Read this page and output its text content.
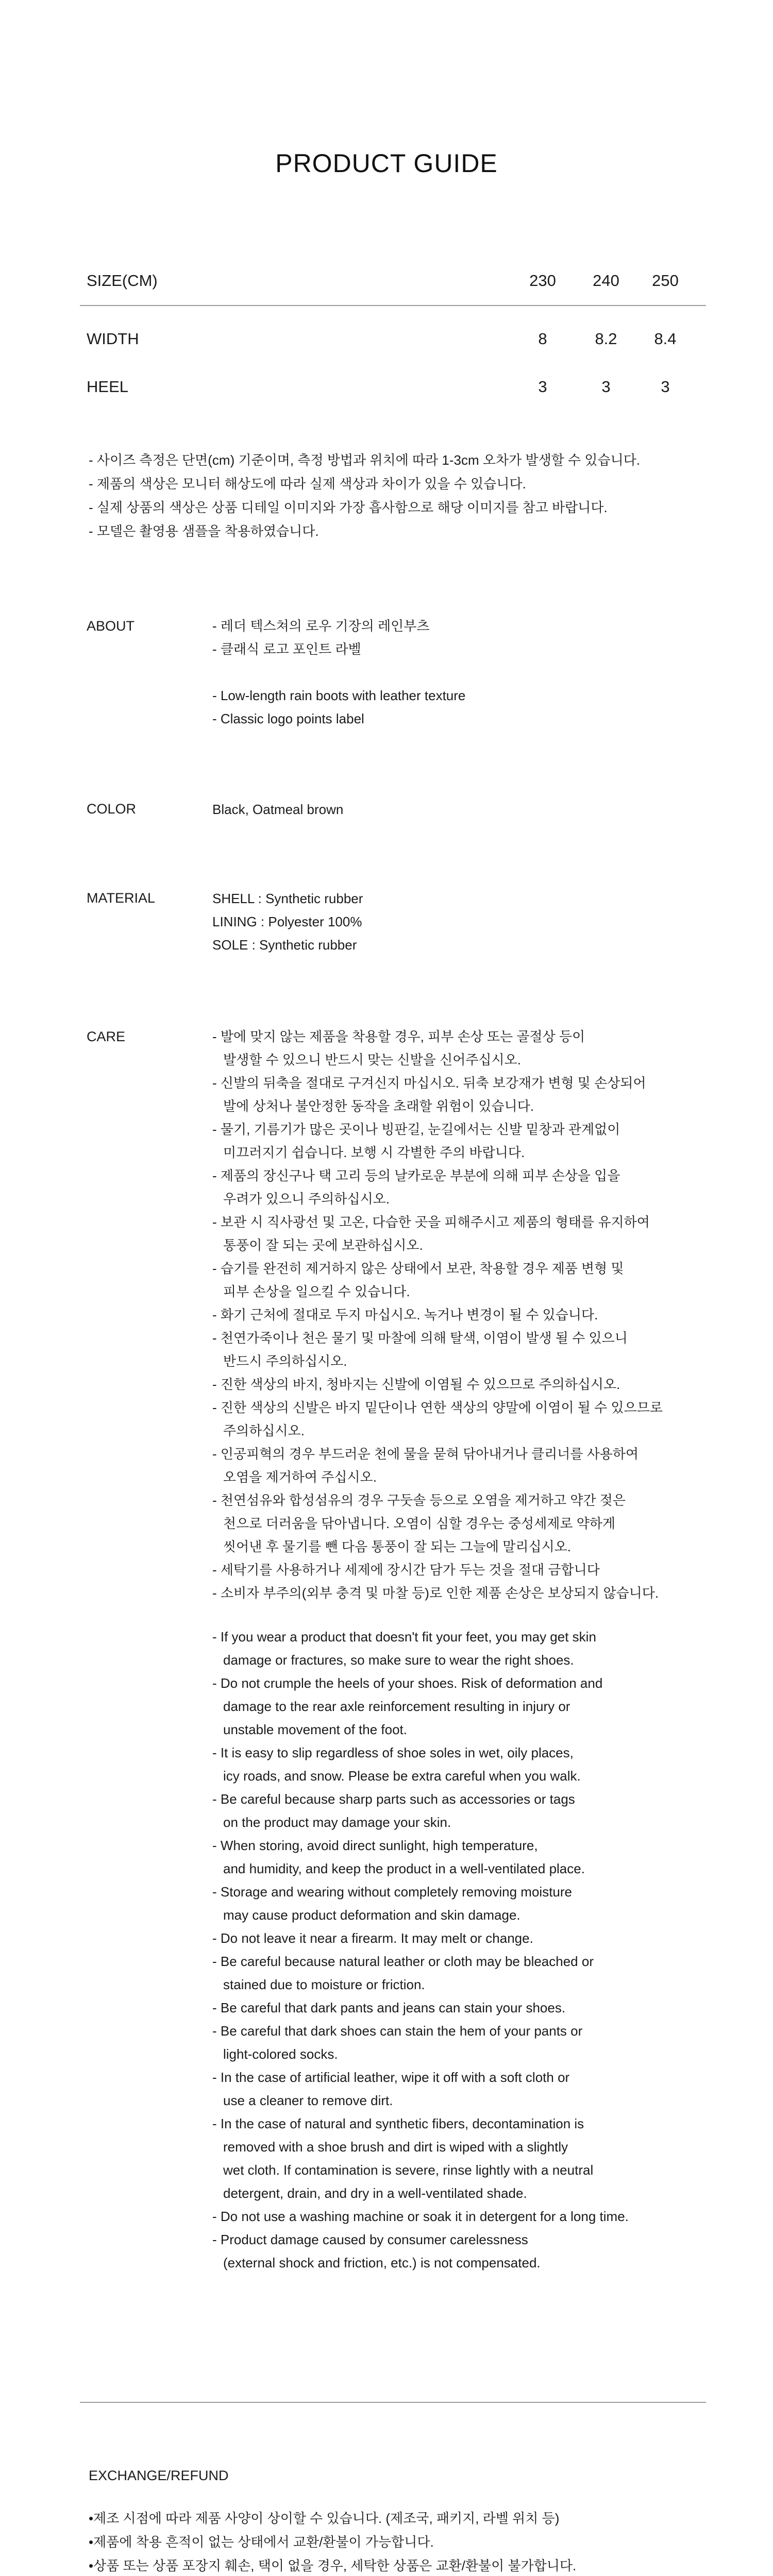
PRODUCT GUIDE
SIZE(CM)	230	240	250
WIDTH	8	8.2	8.4
HEEL	3	3	3
- 사이즈 측정은 단면(cm) 기준이며, 측정 방법과 위치에 따라 1-3cm 오차가 발생할 수 있습니다.
- 제품의 색상은 모니터 해상도에 따라 실제 색상과 차이가 있을 수 있습니다.
- 실제 상품의 색상은 상품 디테일 이미지와 가장 흡사함으로 해당 이미지를 참고 바랍니다.
- 모델은 촬영용 샘플을 착용하였습니다.
ABOUT	- 레더 텍스쳐의 로우 기장의 레인부츠
- 클래식 로고 포인트 라벨
- Low-length rain boots with leather texture
- Classic logo points label
COLOR	Black, Oatmeal brown
MATERIAL	SHELL : Synthetic rubber
LINING : Polyester 100%
SOLE : Synthetic rubber
CARE	- 발에 맞지 않는 제품을 착용할 경우, 피부 손상 또는 골절상 등이
발생할 수 있으니 반드시 맞는 신발을 신어주십시오.
- 신발의 뒤축을 절대로 구겨신지 마십시오. 뒤축 보강재가 변형 및 손상되어
발에 상처나 불안정한 동작을 초래할 위험이 있습니다.
- 물기, 기름기가 많은 곳이나 빙판길, 눈길에서는 신발 밑창과 관계없이
미끄러지기 쉽습니다. 보행 시 각별한 주의 바랍니다.
- 제품의 장신구나 택 고리 등의 날카로운 부분에 의해 피부 손상을 입을
우려가 있으니 주의하십시오.
- 보관 시 직사광선 및 고온, 다습한 곳을 피해주시고 제품의 형태를 유지하여
통풍이 잘 되는 곳에 보관하십시오.
- 습기를 완전히 제거하지 않은 상태에서 보관, 착용할 경우 제품 변형 및
피부 손상을 일으킬 수 있습니다.
- 화기 근처에 절대로 두지 마십시오. 녹거나 변경이 될 수 있습니다.
- 천연가죽이나 천은 물기 및 마찰에 의해 탈색, 이염이 발생 될 수 있으니
반드시 주의하십시오.
- 진한 색상의 바지, 청바지는 신발에 이염될 수 있으므로 주의하십시오.
- 진한 색상의 신발은 바지 밑단이나 연한 색상의 양말에 이염이 될 수 있으므로
주의하십시오.
- 인공피혁의 경우 부드러운 천에 물을 묻혀 닦아내거나 클리너를 사용하여
오염을 제거하여 주십시오.
- 천연섬유와 합성섬유의 경우 구둣솔 등으로 오염을 제거하고 약간 젖은
천으로 더러움을 닦아냅니다. 오염이 심할 경우는 중성세제로 약하게
씻어낸 후 물기를 뺀 다음 통풍이 잘 되는 그늘에 말리십시오.
- 세탁기를 사용하거나 세제에 장시간 담가 두는 것을 절대 금합니다
- 소비자 부주의(외부 충격 및 마찰 등)로 인한 제품 손상은 보상되지 않습니다.
- If you wear a product that doesn't fit your feet, you may get skin
damage or fractures, so make sure to wear the right shoes.
- Do not crumple the heels of your shoes. Risk of deformation and
damage to the rear axle reinforcement resulting in injury or
unstable movement of the foot.
- It is easy to slip regardless of shoe soles in wet, oily places,
icy roads, and snow. Please be extra careful when you walk.
- Be careful because sharp parts such as accessories or tags
on the product may damage your skin.
- When storing, avoid direct sunlight, high temperature,
and humidity, and keep the product in a well-ventilated place.
- Storage and wearing without completely removing moisture
may cause product deformation and skin damage.
- Do not leave it near a firearm. It may melt or change.
- Be careful because natural leather or cloth may be bleached or
stained due to moisture or friction.
- Be careful that dark pants and jeans can stain your shoes.
- Be careful that dark shoes can stain the hem of your pants or
light-colored socks.
- In the case of artificial leather, wipe it off with a soft cloth or
use a cleaner to remove dirt.
- In the case of natural and synthetic fibers, decontamination is
removed with a shoe brush and dirt is wiped with a slightly
wet cloth. If contamination is severe, rinse lightly with a neutral
detergent, drain, and dry in a well-ventilated shade.
- Do not use a washing machine or soak it in detergent for a long time.
- Product damage caused by consumer carelessness
(external shock and friction, etc.) is not compensated.
EXCHANGE/REFUND
•제조 시점에 따라 제품 사양이 상이할 수 있습니다. (제조국, 패키지, 라벨 위치 등)
•제품에 착용 흔적이 없는 상태에서 교환/환불이 가능합니다.
•상품 또는 상품 포장지 훼손, 택이 없을 경우, 세탁한 상품은 교환/환불이 불가합니다.
